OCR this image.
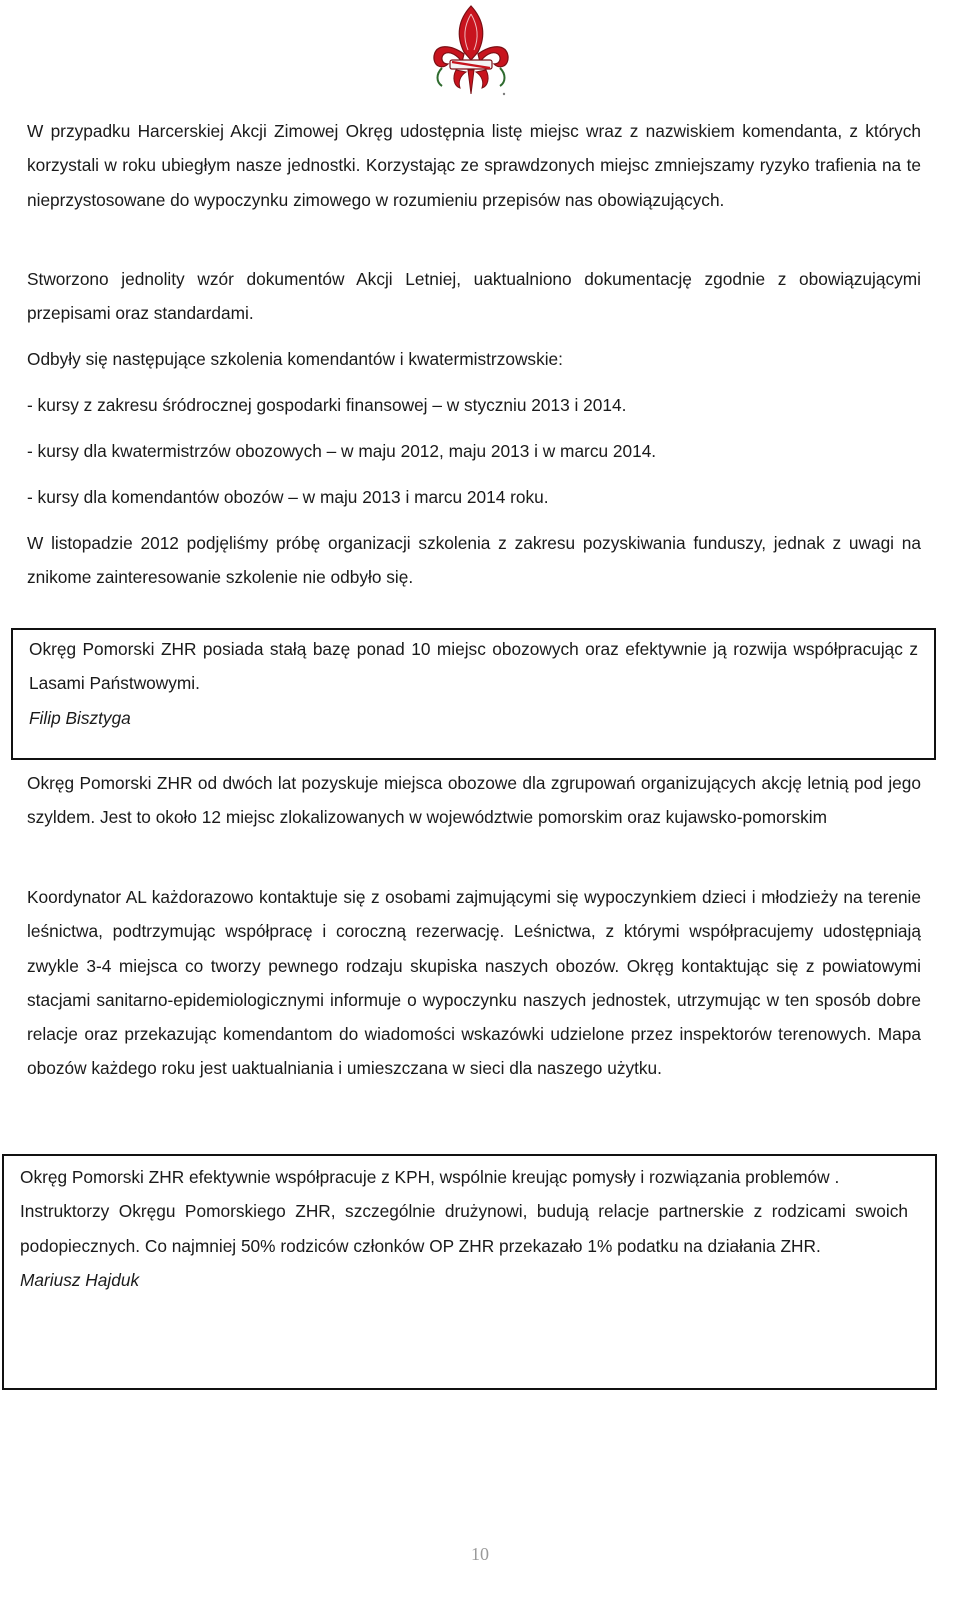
W przypadku Harcerskiej Akcji Zimowej Okręg udostępnia listę miejsc wraz z nazwiskiem komendanta, z których korzystali w roku ubiegłym nasze jednostki. Korzystając ze sprawdzonych miejsc zmniejszamy ryzyko trafienia na te nieprzystosowane do wypoczynku zimowego w rozumieniu przepisów nas obowiązujących.

Stworzono jednolity wzór dokumentów Akcji Letniej, uaktualniono dokumentację zgodnie z obowiązującymi przepisami oraz standardami.

Odbyły się następujące szkolenia komendantów i kwatermistrzowskie:

- kursy z zakresu śródrocznej gospodarki finansowej – w styczniu 2013 i 2014.

- kursy dla kwatermistrzów obozowych – w maju 2012, maju 2013 i w marcu 2014.

- kursy dla komendantów obozów – w maju 2013 i marcu 2014 roku.

W listopadzie 2012 podjęliśmy próbę organizacji szkolenia z zakresu pozyskiwania funduszy, jednak z uwagi na znikome zainteresowanie szkolenie nie odbyło się.

Okręg Pomorski ZHR posiada stałą bazę ponad 10 miejsc obozowych oraz efektywnie ją rozwija współpracując z Lasami Państwowymi.

Filip Bisztyga

Okręg Pomorski ZHR od dwóch lat pozyskuje miejsca obozowe dla zgrupowań organizujących akcję letnią pod jego szyldem. Jest to około 12 miejsc zlokalizowanych w województwie pomorskim oraz kujawsko-pomorskim

Koordynator AL każdorazowo kontaktuje się z osobami zajmującymi się wypoczynkiem dzieci i młodzieży na terenie leśnictwa, podtrzymując współpracę i coroczną rezerwację. Leśnictwa, z którymi współpracujemy udostępniają zwykle 3-4 miejsca co tworzy pewnego rodzaju skupiska naszych obozów. Okręg kontaktując się z powiatowymi stacjami sanitarno-epidemiologicznymi informuje o wypoczynku naszych jednostek, utrzymując w ten sposób dobre relacje oraz przekazując komendantom do wiadomości wskazówki udzielone przez inspektorów terenowych. Mapa obozów każdego roku jest uaktualniania i umieszczana w sieci dla naszego użytku.

Okręg Pomorski ZHR efektywnie współpracuje z KPH, wspólnie kreując pomysły i rozwiązania problemów .

Instruktorzy Okręgu Pomorskiego ZHR, szczególnie drużynowi, budują relacje partnerskie z rodzicami swoich podopiecznych. Co najmniej 50% rodziców członków OP ZHR przekazało 1% podatku na działania ZHR.

Mariusz Hajduk

10
